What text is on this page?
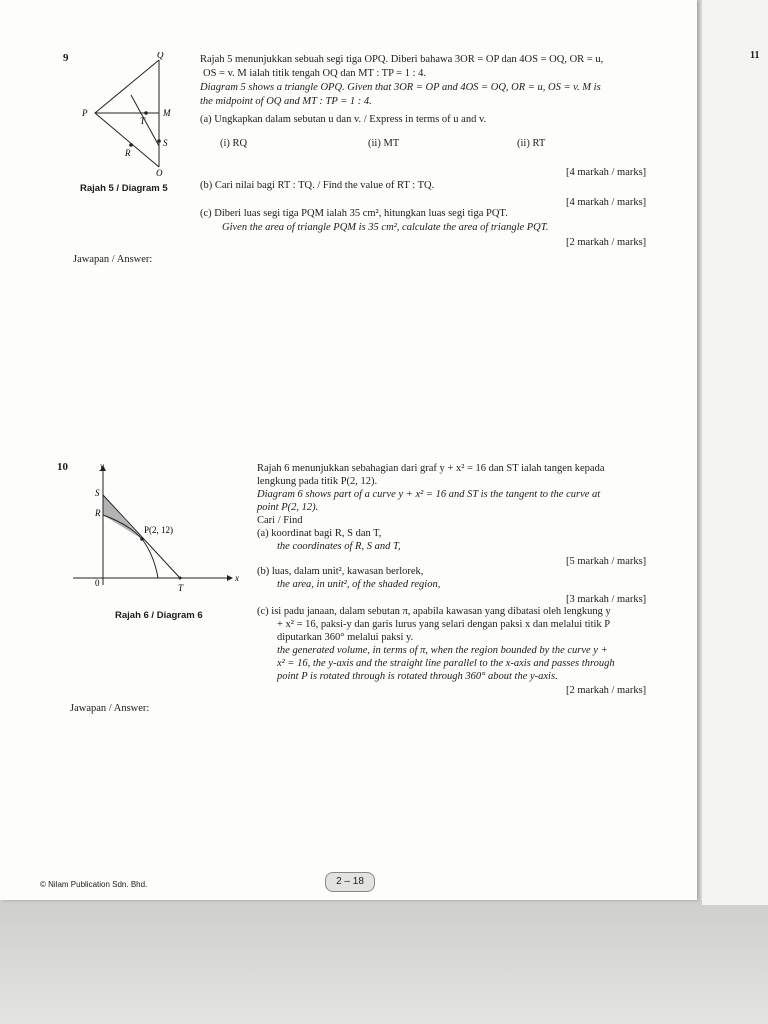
11
9	Q
P	M
T
S
R
O
Rajah 5 / Diagram 5
Rajah 5 menunjukkan sebuah segi tiga OPQ. Diberi bahawa 3OR = OP dan 4OS = OQ, OR = u,
OS = v. M ialah titik tengah OQ dan MT : TP = 1 : 4.
Diagram 5 shows a triangle OPQ. Given that 3OR = OP and 4OS = OQ, OR = u, OS = v. M is
the midpoint of OQ and MT : TP = 1 : 4.
(a) Ungkapkan dalam sebutan u dan v. / Express in terms of u and v.
(i) RQ	(ii) MT	(ii) RT
[4 markah / marks]
(b) Cari nilai bagi RT : TQ. / Find the value of RT : TQ.
[4 markah / marks]
(c) Diberi luas segi tiga PQM ialah 35 cm², hitungkan luas segi tiga PQT.
Given the area of triangle PQM is 35 cm², calculate the area of triangle PQT.
[2 markah / marks]
Jawapan / Answer:
10	y
x
S
R
P(2, 12)
0	T
Rajah 6 / Diagram 6
Rajah 6 menunjukkan sebahagian dari graf y + x² = 16 dan ST ialah tangen kepada
lengkung pada titik P(2, 12).
Diagram 6 shows part of a curve y + x² = 16 and ST is the tangent to the curve at
point P(2, 12).
Cari / Find
(a) koordinat bagi R, S dan T,
the coordinates of R, S and T,
[5 markah / marks]
(b) luas, dalam unit², kawasan berlorek,
the area, in unit², of the shaded region,
[3 markah / marks]
(c) isi padu janaan, dalam sebutan π, apabila kawasan yang dibatasi oleh lengkung y
+ x² = 16, paksi-y dan garis lurus yang selari dengan paksi x dan melalui titik P
diputarkan 360° melalui paksi y.
the generated volume, in terms of π, when the region bounded by the curve y +
x² = 16, the y-axis and the straight line parallel to the x-axis and passes through
point P is rotated through is rotated through 360° about the y-axis.
[2 markah / marks]
Jawapan / Answer:
© Nilam Publication Sdn. Bhd.	2 – 18
